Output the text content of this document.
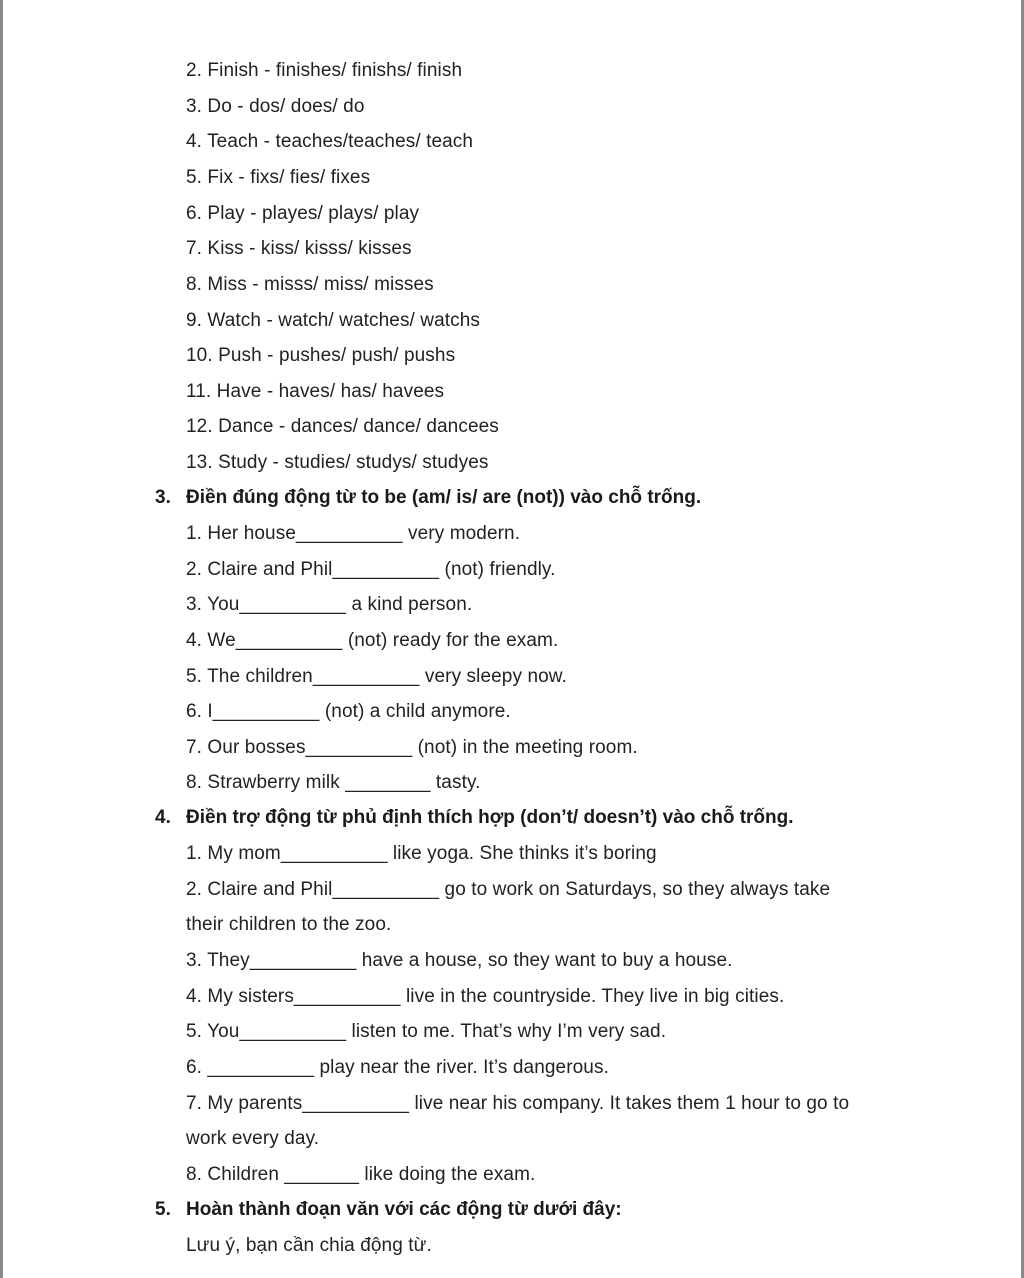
2. Finish - finishes/ finishs/ finish
3. Do - dos/ does/ do
4. Teach - teaches/teaches/ teach
5. Fix - fixs/ fies/ fixes
6. Play - playes/ plays/ play
7. Kiss - kiss/ kisss/ kisses
8. Miss - misss/ miss/ misses
9. Watch - watch/ watches/ watchs
10. Push - pushes/ push/ pushs
11. Have - haves/ has/ havees
12. Dance - dances/ dance/ dancees
13. Study - studies/ studys/ studyes
3. Điền đúng động từ to be (am/ is/ are (not)) vào chỗ trống.
1. Her house__________ very modern.
2. Claire and Phil__________ (not) friendly.
3. You__________ a kind person.
4. We__________ (not) ready for the exam.
5. The children__________ very sleepy now.
6. I__________ (not) a child anymore.
7. Our bosses__________ (not) in the meeting room.
8. Strawberry milk ________ tasty.
4. Điền trợ động từ phủ định thích hợp (don’t/ doesn’t) vào chỗ trống.
1. My mom__________ like yoga. She thinks it’s boring
2. Claire and Phil__________ go to work on Saturdays, so they always take
their children to the zoo.
3. They__________ have a house, so they want to buy a house.
4. My sisters__________ live in the countryside. They live in big cities.
5. You__________ listen to me. That’s why I’m very sad.
6. __________ play near the river. It’s dangerous.
7. My parents__________ live near his company. It takes them 1 hour to go to
work every day.
8. Children _______ like doing the exam.
5. Hoàn thành đoạn văn với các động từ dưới đây:
Lưu ý, bạn cần chia động từ.
